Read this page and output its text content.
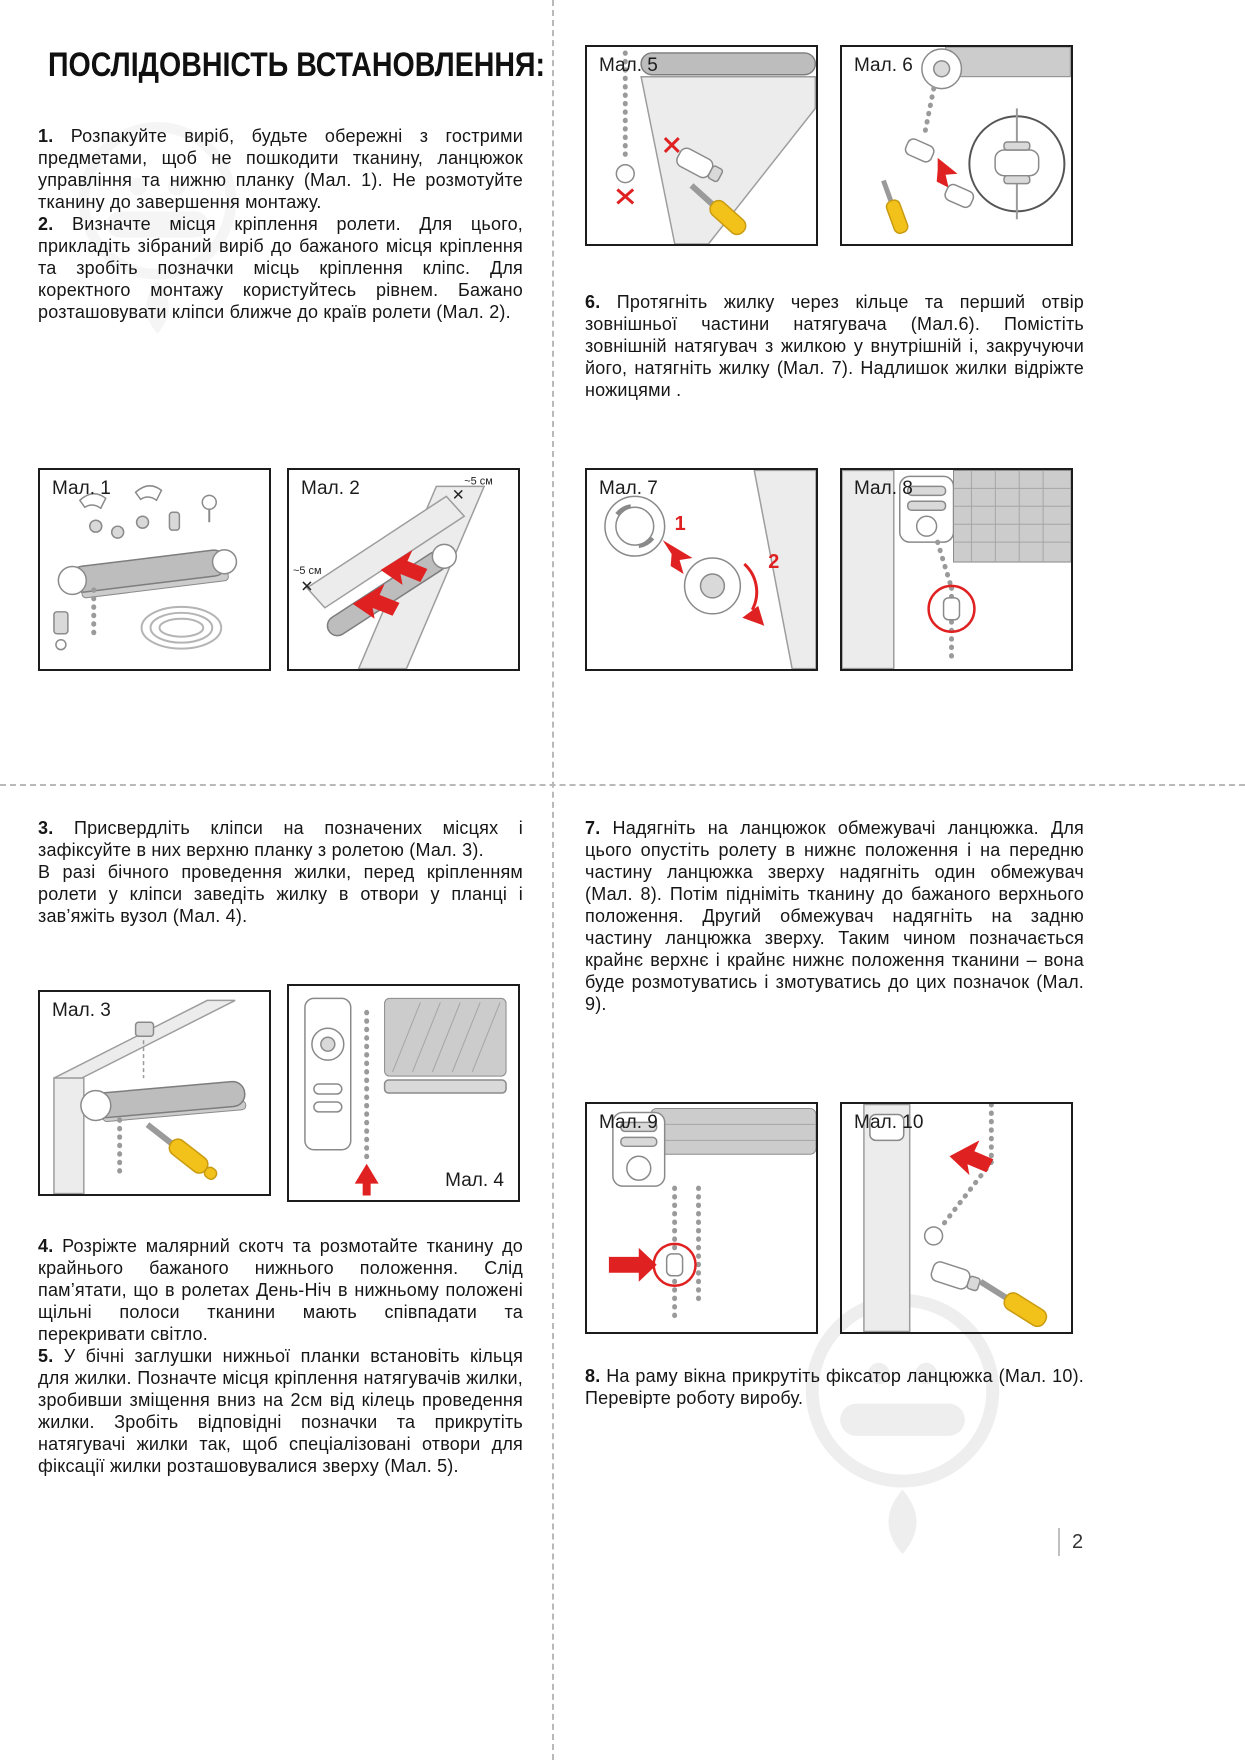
ПОСЛІДОВНІСТЬ ВСТАНОВЛЕННЯ:

1. Розпакуйте виріб, будьте обережні з гострими предметами, щоб не пошкодити тканину, ланцюжок управління та нижню планку (Мал. 1). Не розмотуйте тканину до завершення монтажу.

2. Визначте місця кріплення ролети. Для цього, прикладіть зібраний виріб до бажаного місця кріплення та зробіть позначки місць кріплення кліпс. Для коректного монтажу користуйтесь рівнем. Бажано розташовувати кліпси ближче до країв ролети (Мал. 2).	6. Протягніть жилку через кільце та перший отвір зовнішньої частини натягувача (Мал.6). Помістіть зовнішній натягувач з жилкою у внутрішній і, закручуючи його, натягніть жилку (Мал. 7). Надлишок жилки відріжте ножицями .

3. Присвердліть кліпси на позначених місцях і зафіксуйте в них верхню планку з ролетою (Мал. 3).

В разі бічного проведення жилки, перед кріпленням ролети у кліпси заведіть жилку в отвори у планці і зав’яжіть вузол (Мал. 4).

4. Розріжте малярний скотч та розмотайте тканину до крайнього бажаного нижнього положення. Слід пам’ятати, що в ролетах День-Ніч в нижньому положені щільні полоси тканини мають співпадати та перекривати світло.

5. У бічні заглушки нижньої планки встановіть кільця для жилки. Позначте місця кріплення натягувачів жилки, зробивши зміщення вниз на 2см від кілець проведення жилки. Зробіть відповідні позначки та прикрутіть натягувачі жилки так, щоб спеціалізовані отвори для фіксації жилки розташовувалися зверху (Мал. 5).

7. Надягніть на ланцюжок обмежувачі ланцюжка. Для цього опустіть ролету в нижнє положення і на передню частину ланцюжка зверху надягніть один обмежувач (Мал. 8). Потім підніміть тканину до бажаного верхнього положення. Другий обмежувач надягніть на задню частину ланцюжка зверху. Таким чином позначається крайнє верхнє і крайнє нижнє положення тканини – вона буде розмотуватись і змотуватись до цих позначок (Мал. 9).

8. На раму вікна прикрутіть фіксатор ланцюжка (Мал. 10). Перевірте роботу виробу.

Мал. 1	~5 см
~5 см
Мал. 2
Мал. 5	Мал. 6
1
2
Мал. 7	Мал. 8
Мал. 3
Мал. 4
Мал. 9	Мал. 10
2
